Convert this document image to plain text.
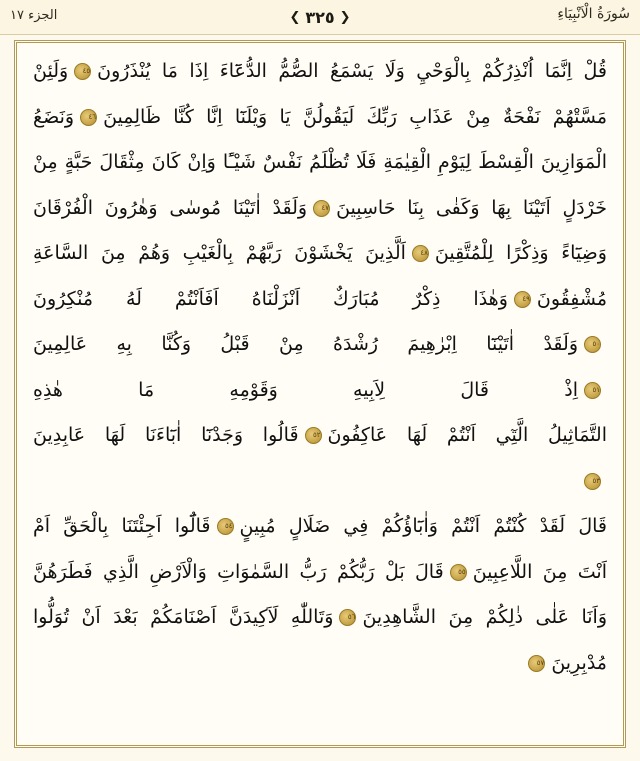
الجزء ١٧	❮ ٣٢٥ ❯	سُورَةُ الْاَنْبِيَاءِ
قُلْ اِنَّمَا اُنْذِرُكُمْ بِالْوَحْيِ وَلَا يَسْمَعُ الصُّمُّ الدُّعَٓاءَ اِذَا مَا يُنْذَرُونَ٤٥وَلَئِنْ
مَسَّتْهُمْ نَفْحَةٌ مِنْ عَذَابِ رَبِّكَ لَيَقُولُنَّ يَا وَيْلَنَٓا اِنَّا كُنَّا ظَالِمِينَ٤٦وَنَضَعُ
الْمَوَازِينَ الْقِسْطَ لِيَوْمِ الْقِيٰمَةِ فَلَا تُظْلَمُ نَفْسٌ شَيْـًٔا وَاِنْ كَانَ مِثْقَالَ حَبَّةٍ مِنْ
خَرْدَلٍ اَتَيْنَا بِهَا وَكَفٰى بِنَا حَاسِبِينَ٤٧وَلَقَدْ اٰتَيْنَا مُوسٰى وَهٰرُونَ الْفُرْقَانَ
وَضِيَٓاءً وَذِكْرًا لِلْمُتَّقِينَ٤٨اَلَّذِينَ يَخْشَوْنَ رَبَّهُمْ بِالْغَيْبِ وَهُمْ مِنَ السَّاعَةِ
مُشْفِقُونَ٤٩وَهٰذَا ذِكْرٌ مُبَارَكٌ اَنْزَلْنَاهُ اَفَاَنْتُمْ لَهُ مُنْكِرُونَ
٥٠وَلَقَدْ اٰتَيْنَٓا اِبْرٰهِيمَ رُشْدَهُ مِنْ قَبْلُ وَكُنَّا بِهِ عَالِمِينَ
٥١اِذْ قَالَ لِاَبِيهِ وَقَوْمِهِ مَا هٰذِهِ
التَّمَاثِيلُ الَّتِٓي اَنْتُمْ لَهَا عَاكِفُونَ٥٢قَالُوا وَجَدْنَٓا اٰبَٓاءَنَا لَهَا عَابِدِينَ
٥٣
قَالَ لَقَدْ كُنْتُمْ اَنْتُمْ وَاٰبَٓاؤُكُمْ فِي ضَلَالٍ مُبِينٍ٥٤قَالُٓوا اَجِئْتَنَا بِالْحَقِّ اَمْ
اَنْتَ مِنَ اللَّاعِبِينَ٥٥قَالَ بَلْ رَبُّكُمْ رَبُّ السَّمٰوَاتِ وَالْاَرْضِ الَّذِي فَطَرَهُنَّ
وَاَنَا عَلٰى ذٰلِكُمْ مِنَ الشَّاهِدِينَ٥٦وَتَاللّٰهِ لَاَكِيدَنَّ اَصْنَامَكُمْ بَعْدَ اَنْ تُوَلُّوا
مُدْبِرِينَ٥٧
